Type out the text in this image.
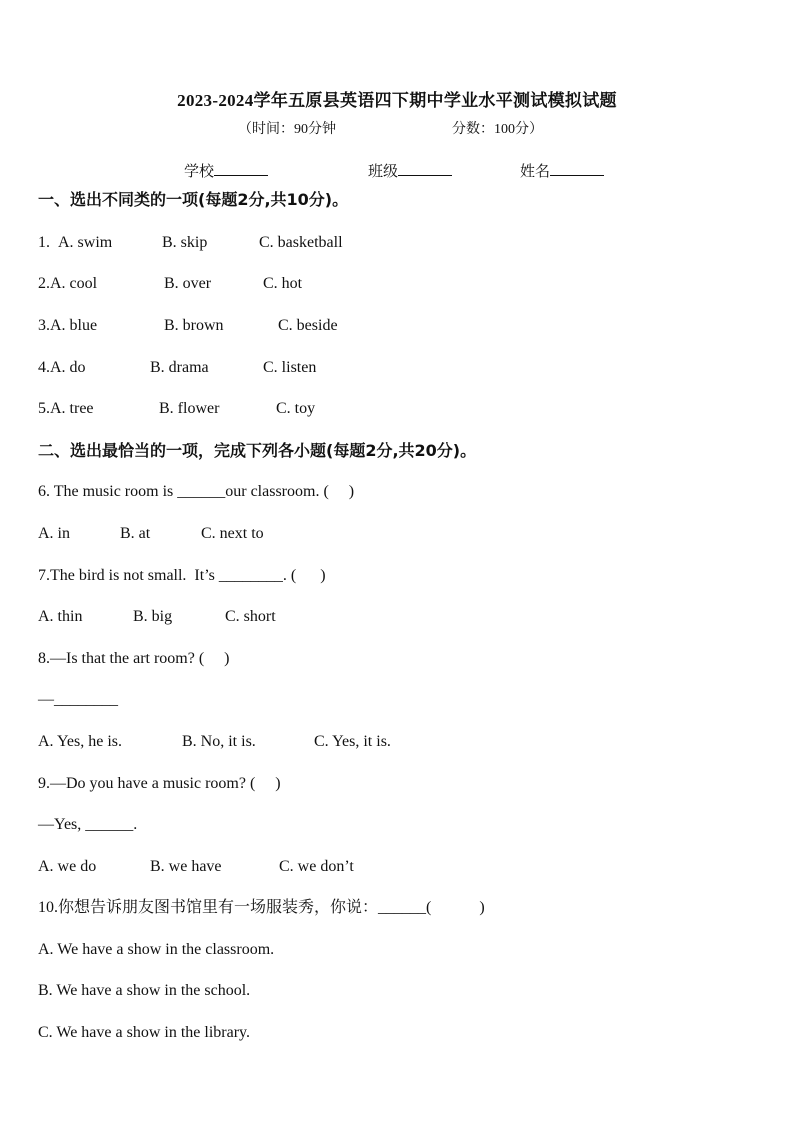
2023-2024学年五原县英语四下期中学业水平测试模拟试题
（时间：90分钟	分数：100分）
学校	班级	姓名
一、选出不同类的一项(每题2分,共10分)。
1.A. swim	B. skip	C. basketball
2.A. cool	B. over	C. hot
3.A. blue	B. brown	C. beside
4.A. do	B. drama	C. listen
5.A. tree	B. flower	C. toy
二、选出最恰当的一项，完成下列各小题(每题2分,共20分)。
6. The music room is ______our classroom. (     )
A. in	B. at	C. next to
7.The bird is not small.  It’s ________. (      )
A. thin	B. big	C. short
8.—Is that the art room? (     )
—________
A. Yes, he is.	B. No, it is.	C. Yes, it is.
9.—Do you have a music room? (     )
—Yes, ______.
A. we do	B. we have	C. we don’t
10.你想告诉朋友图书馆里有一场服装秀，你说：______(            )
A. We have a show in the classroom.
B. We have a show in the school.
C. We have a show in the library.
